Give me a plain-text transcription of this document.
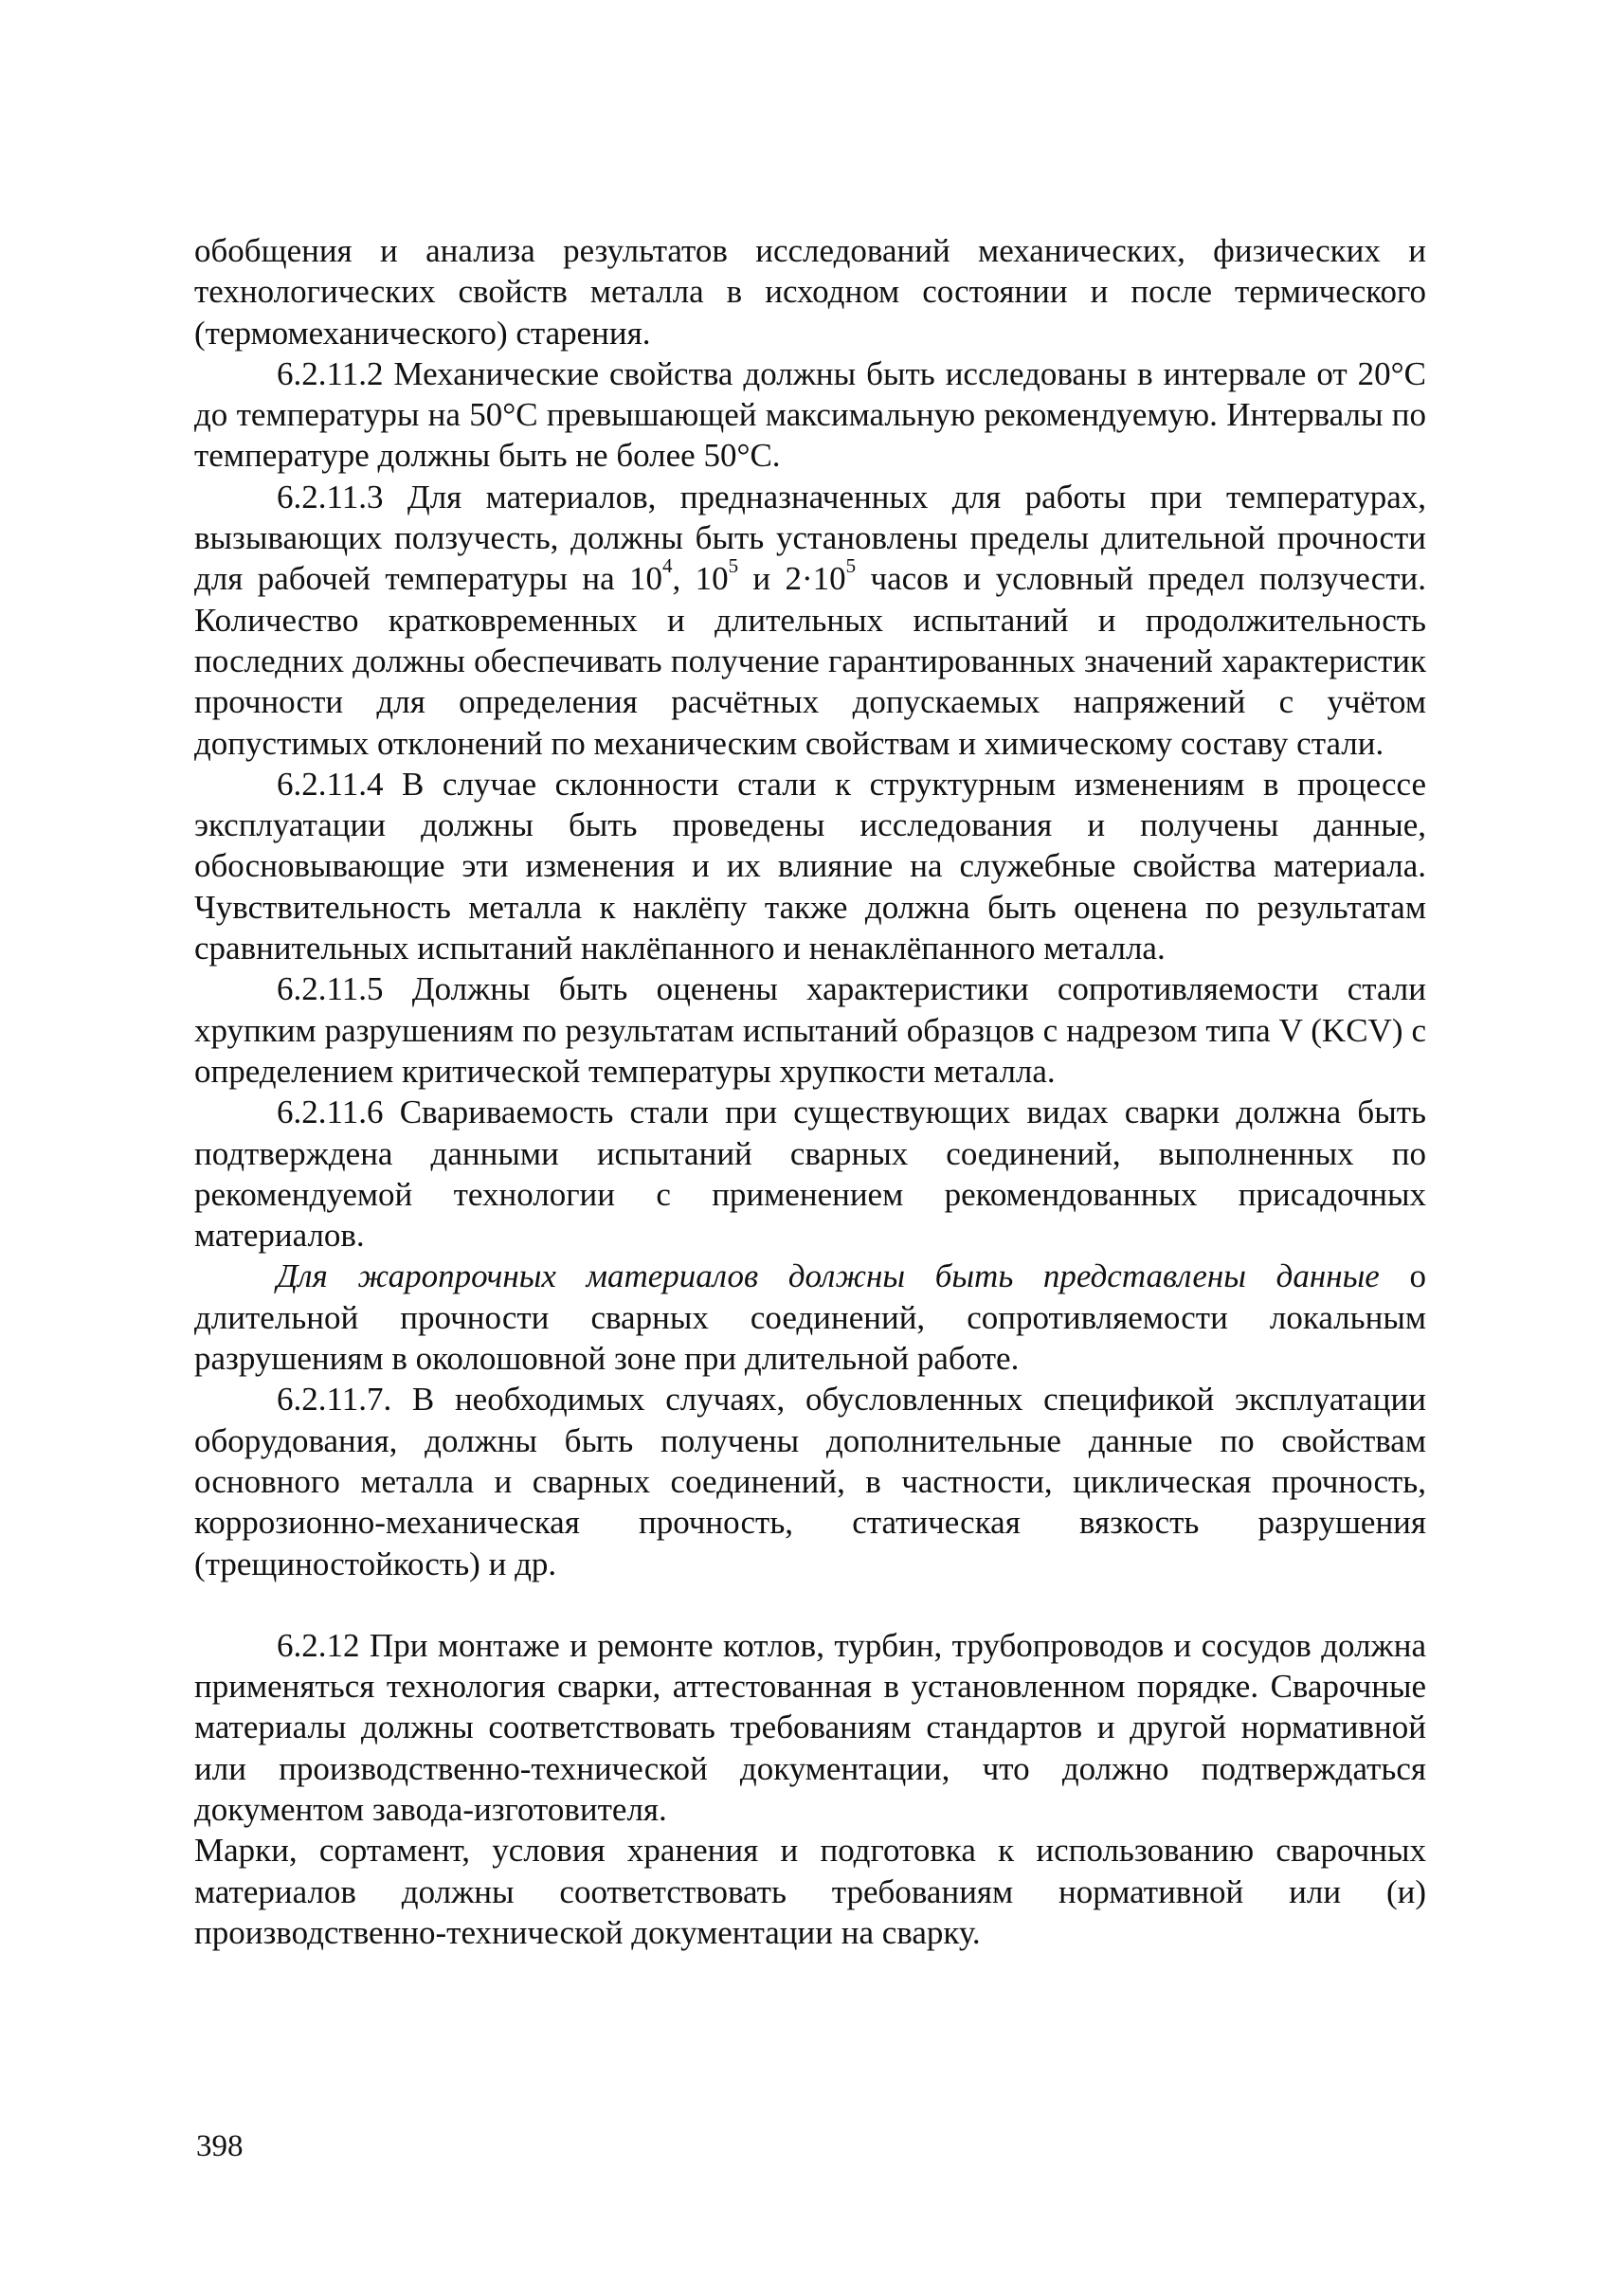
обобщения и анализа результатов исследований механических, физических и технологических свойств металла в исходном состоянии и после термического (термомеханического) старения.

6.2.11.2 Механические свойства должны быть исследованы в интервале от 20°С до температуры на 50°С превышающей максимальную рекомендуемую. Интервалы по температуре должны быть не более 50°С.

6.2.11.3 Для материалов, предназначенных для работы при температурах, вызывающих ползучесть, должны быть установлены пределы длительной прочности для рабочей температуры на $10^4$, $10^5$ и $2\cdot 10^5$ часов и условный предел ползучести. Количество кратковременных и длительных испытаний и продолжительность последних должны обеспечивать получение гарантированных значений характеристик прочности для определения расчётных допускаемых напряжений с учётом допустимых отклонений по механическим свойствам и химическому составу стали.

6.2.11.4 В случае склонности стали к структурным изменениям в процессе эксплуатации должны быть проведены исследования и получены данные, обосновывающие эти изменения и их влияние на служебные свойства материала. Чувствительность металла к наклёпу также должна быть оценена по результатам сравнительных испытаний наклёпанного и ненаклёпанного металла.

6.2.11.5 Должны быть оценены характеристики сопротивляемости стали хрупким разрушениям по результатам испытаний образцов с надрезом типа V (KCV) с определением критической температуры хрупкости металла.

6.2.11.6 Свариваемость стали при существующих видах сварки должна быть подтверждена данными испытаний сварных соединений, выполненных по рекомендуемой технологии с применением рекомендованных присадочных материалов.

Для жаропрочных материалов должны быть представлены данные о длительной прочности сварных соединений, сопротивляемости локальным разрушениям в околошовной зоне при длительной работе.

6.2.11.7. В необходимых случаях, обусловленных спецификой эксплуатации оборудования, должны быть получены дополнительные данные по свойствам основного металла и сварных соединений, в частности, циклическая прочность, коррозионно-механическая прочность, статическая вязкость разрушения (трещиностойкость) и др.

6.2.12 При монтаже и ремонте котлов, турбин, трубопроводов и сосудов должна применяться технология сварки, аттестованная в установленном порядке. Сварочные материалы должны соответствовать требованиям стандартов и другой нормативной или производственно-технической документации, что должно подтверждаться документом завода-изготовителя.

Марки, сортамент, условия хранения и подготовка к использованию сварочных материалов должны соответствовать требованиям нормативной или (и) производственно-технической документации на сварку.

398
